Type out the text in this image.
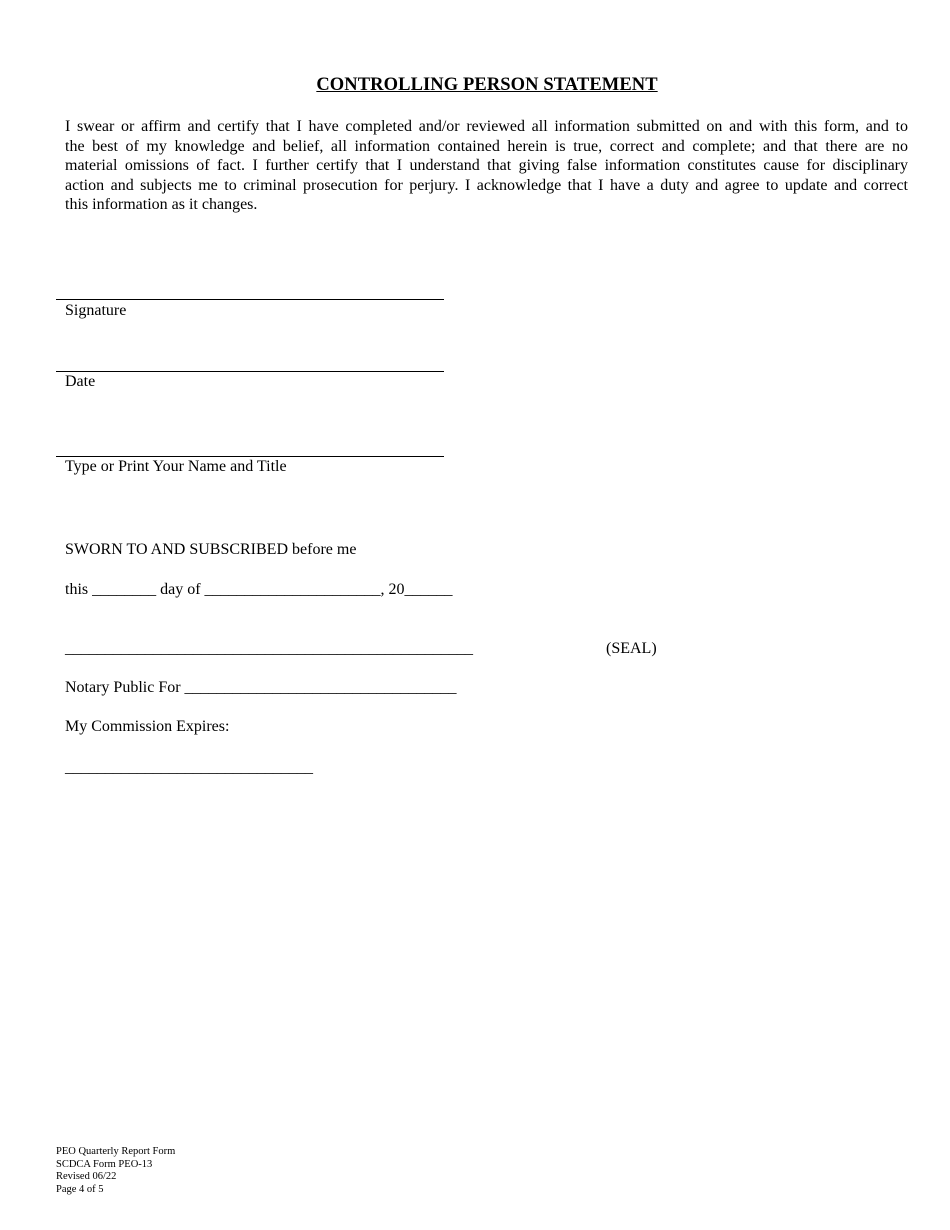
CONTROLLING PERSON STATEMENT
I swear or affirm and certify that I have completed and/or reviewed all information submitted on and with this form, and to
the best of my knowledge and belief, all information contained herein is true, correct and complete; and that there are no
material omissions of fact. I further certify that I understand that giving false information constitutes cause for disciplinary
action and subjects me to criminal prosecution for perjury. I acknowledge that I have a duty and agree to update and correct
this information as it changes.
Signature
Date
Type or Print Your Name and Title
SWORN TO AND SUBSCRIBED before me
this ________ day of ______________________, 20______
___________________________________________________	(SEAL)
Notary Public For __________________________________
My Commission Expires:
_______________________________
PEO Quarterly Report Form
SCDCA Form PEO-13
Revised 06/22
Page 4 of 5
